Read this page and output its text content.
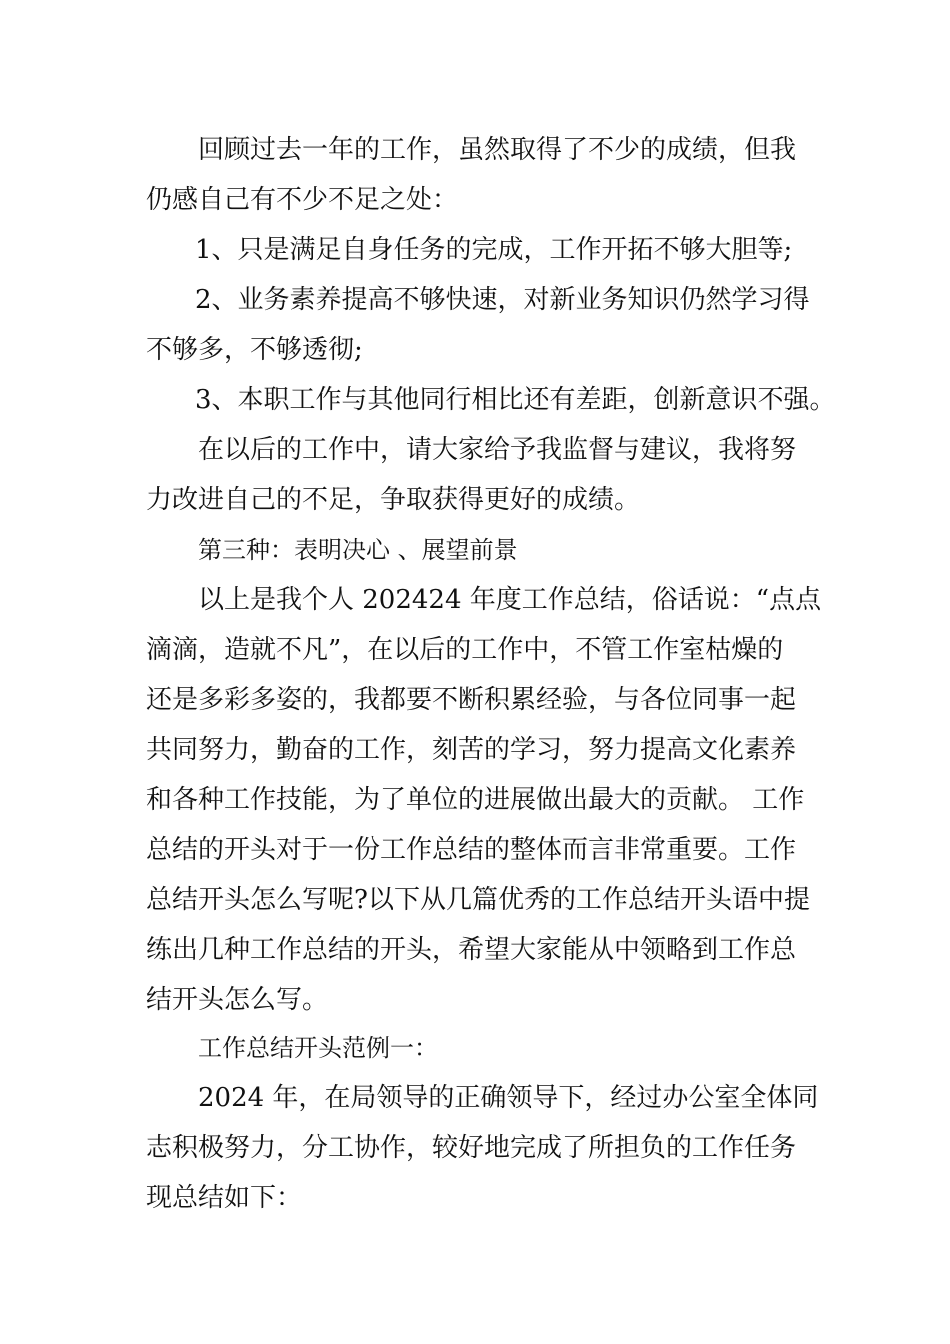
回顾过去一年的工作，虽然取得了不少的成绩，但我
仍感自己有不少不足之处：
1、只是满足自身任务的完成，工作开拓不够大胆等;
2、业务素养提高不够快速，对新业务知识仍然学习得
不够多，不够透彻;
3、本职工作与其他同行相比还有差距，创新意识不强。
在以后的工作中，请大家给予我监督与建议，我将努
力改进自己的不足，争取获得更好的成绩。
第三种：表明决心 、展望前景
以上是我个人 202424 年度工作总结，俗话说：“点点
滴滴，造就不凡”，在以后的工作中，不管工作室枯燥的
还是多彩多姿的，我都要不断积累经验，与各位同事一起
共同努力，勤奋的工作，刻苦的学习，努力提高文化素养
和各种工作技能，为了单位的进展做出最大的贡献。 工作
总结的开头对于一份工作总结的整体而言非常重要。工作
总结开头怎么写呢?以下从几篇优秀的工作总结开头语中提
练出几种工作总结的开头，希望大家能从中领略到工作总
结开头怎么写。
工作总结开头范例一：
2024 年，在局领导的正确领导下，经过办公室全体同
志积极努力，分工协作，较好地完成了所担负的工作任务
现总结如下：
